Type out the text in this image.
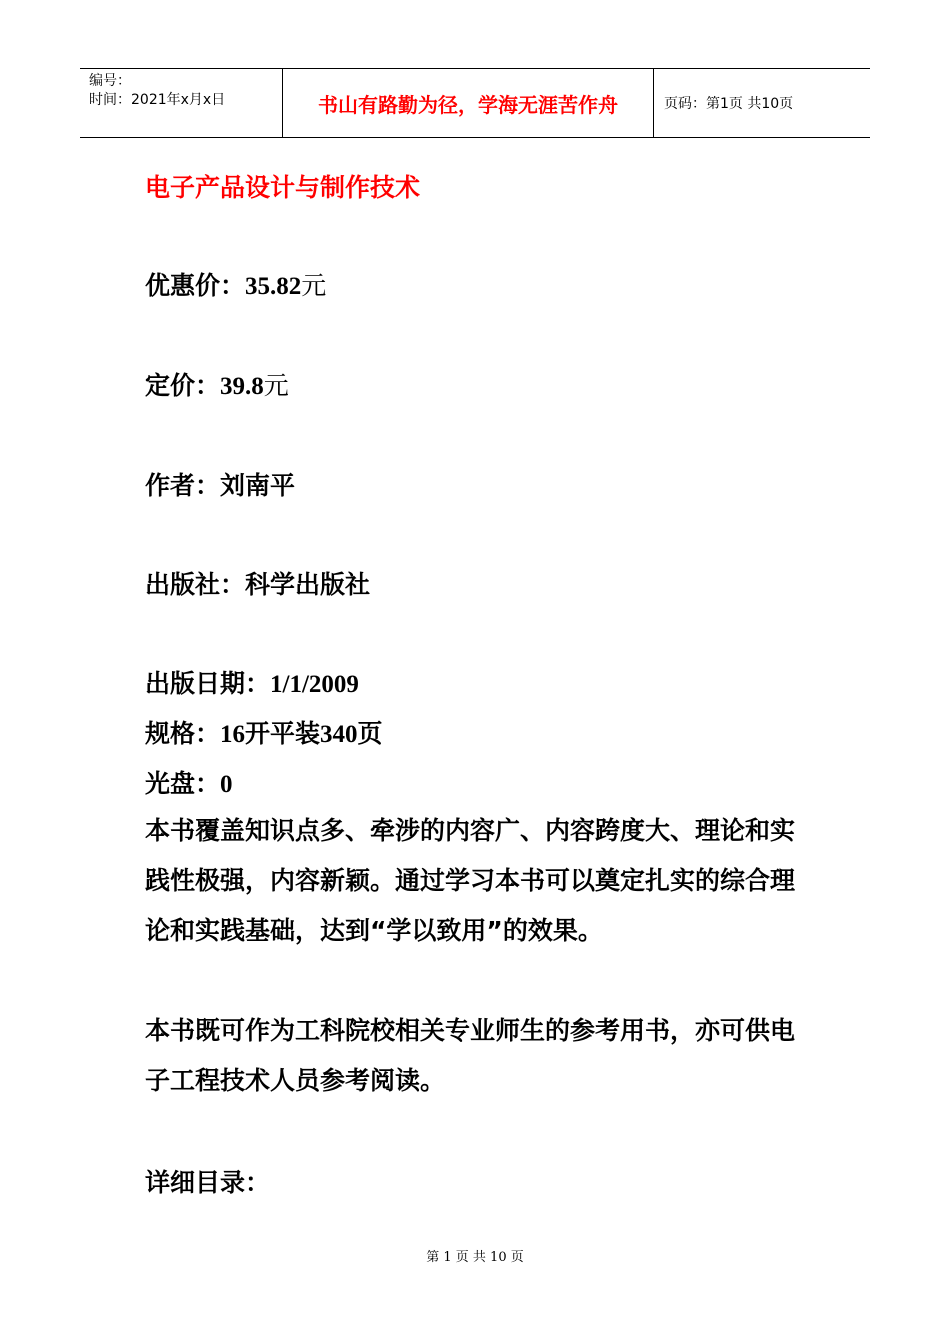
编号：
时间：2021年x月x日	书山有路勤为径，学海无涯苦作舟	页码：第1页 共10页
电子产品设计与制作技术
优惠价：35.82元
定价：39.8元
作者：刘南平
出版社：科学出版社
出版日期：1/1/2009
规格：16开平装340页
光盘：0
本书覆盖知识点多、牵涉的内容广、内容跨度大、理论和实践性极强，内容新颖。通过学习本书可以奠定扎实的综合理论和实践基础，达到“学以致用”的效果。
本书既可作为工科院校相关专业师生的参考用书，亦可供电子工程技术人员参考阅读。
详细目录：
第 1 页 共 10 页
